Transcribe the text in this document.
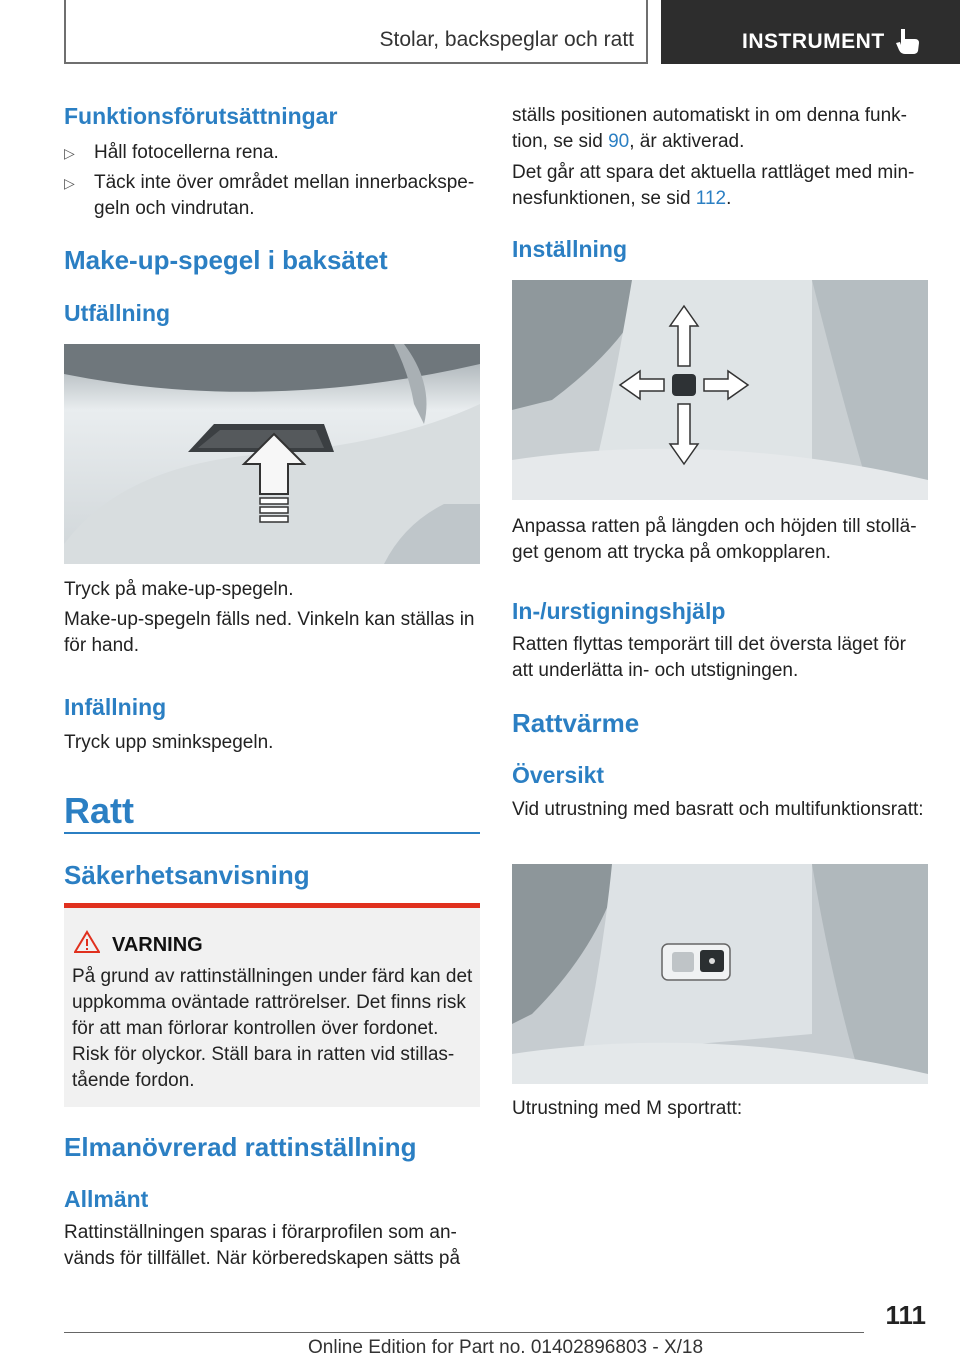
Stolar, backspeglar och ratt	INSTRUMENT
Funktionsförutsättningar
▷ Håll fotocellerna rena.
▷ Täck inte över området mellan innerbackspegeln och vindrutan.
Make-up-spegel i baksätet
Utfällning

Tryck på make-up-spegeln.

Make-up-spegeln fälls ned. Vinkeln kan ställas in för hand.

Infällning

Tryck upp sminkspegeln.

Ratt
Säkerhetsanvisning
VARNING
På grund av rattinställningen under färd kan det uppkomma oväntade rattrörelser. Det finns risk för att man förlorar kontrollen över fordonet. Risk för olyckor. Ställ bara in ratten vid stillastående fordon.
Elmanövrerad rattinställning
Allmänt

Rattinställningen sparas i förarprofilen som används för tillfället. När körberedskapen sätts på

ställs positionen automatiskt in om denna funktion, se sid 90, är aktiverad.

Det går att spara det aktuella rattläget med minnesfunktionen, se sid 112.

Inställning

Anpassa ratten på längden och höjden till stolläget genom att trycka på omkopplaren.

In-/urstigningshjälp

Ratten flyttas temporärt till det översta läget för att underlätta in- och utstigningen.

Rattvärme
Översikt

Vid utrustning med basratt och multifunktionsratt:

Utrustning med M sportratt:

111
Online Edition for Part no. 01402896803 - X/18
